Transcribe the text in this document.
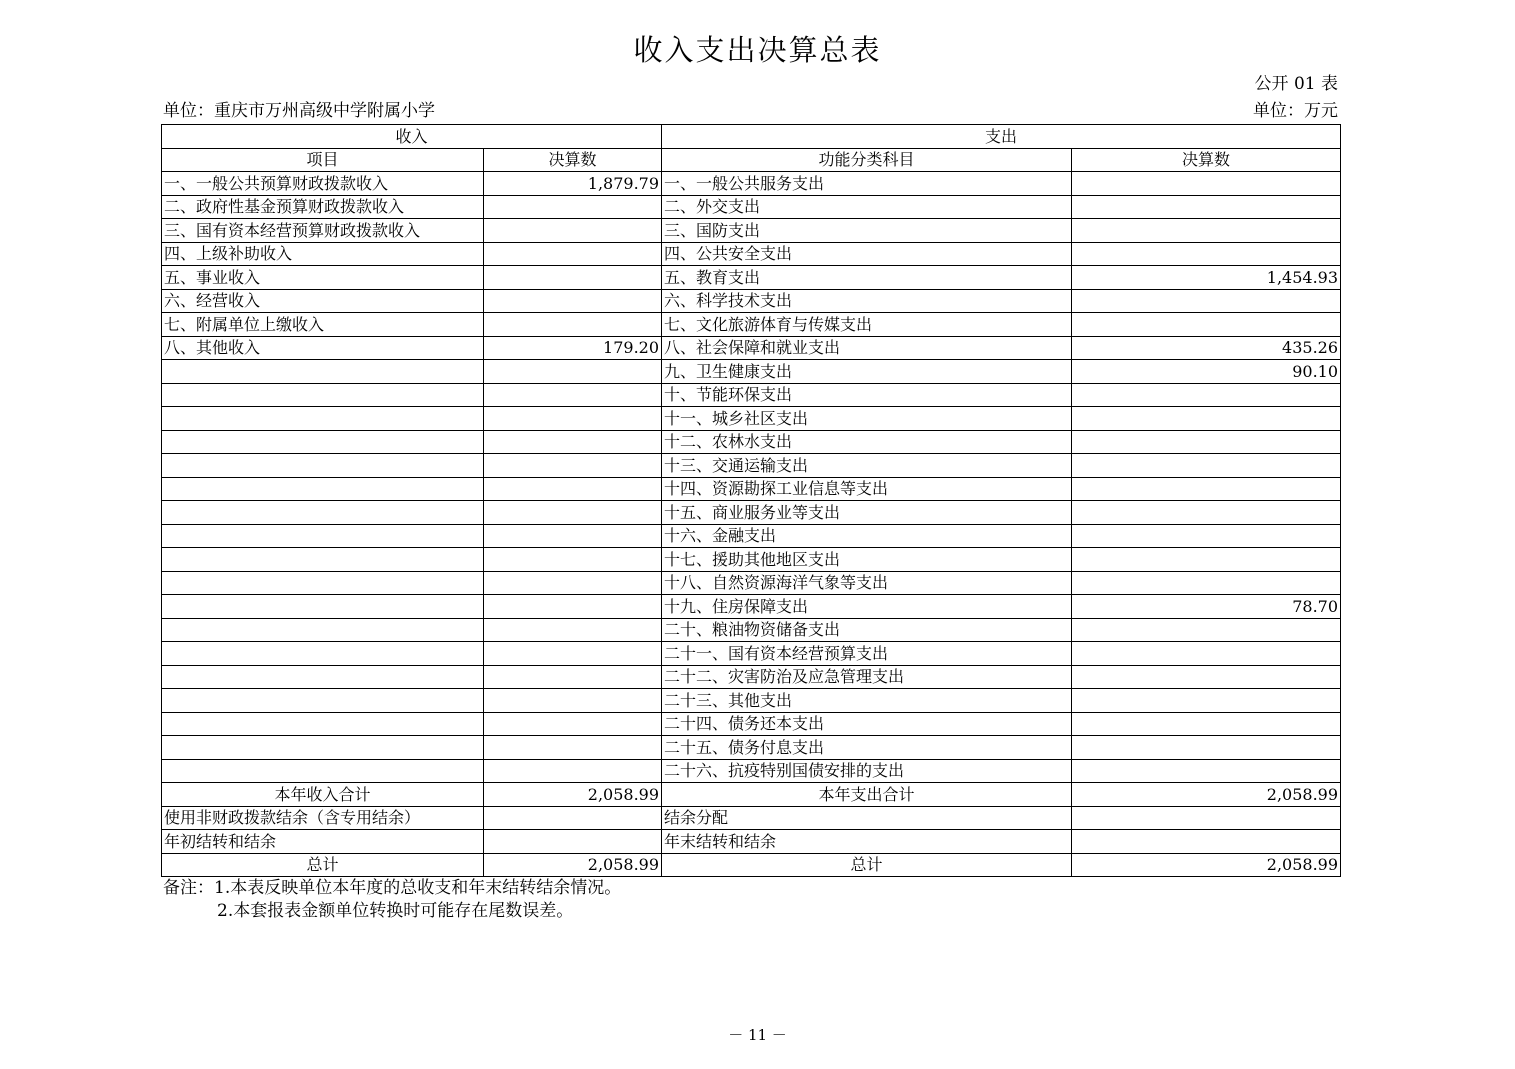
收入支出决算总表
公开 01 表
单位：重庆市万州高级中学附属小学	单位：万元
收入		支出	
项目	决算数	功能分类科目	决算数
一、一般公共预算财政拨款收入	1,879.79	一、一般公共服务支出	
二、政府性基金预算财政拨款收入		二、外交支出	
三、国有资本经营预算财政拨款收入		三、国防支出	
四、上级补助收入		四、公共安全支出	
五、事业收入		五、教育支出	1,454.93
六、经营收入		六、科学技术支出	
七、附属单位上缴收入		七、文化旅游体育与传媒支出	
八、其他收入	179.20	八、社会保障和就业支出	435.26
		九、卫生健康支出	90.10
		十、节能环保支出	
		十一、城乡社区支出	
		十二、农林水支出	
		十三、交通运输支出	
		十四、资源勘探工业信息等支出	
		十五、商业服务业等支出	
		十六、金融支出	
		十七、援助其他地区支出	
		十八、自然资源海洋气象等支出	
		十九、住房保障支出	78.70
		二十、粮油物资储备支出	
		二十一、国有资本经营预算支出	
		二十二、灾害防治及应急管理支出	
		二十三、其他支出	
		二十四、债务还本支出	
		二十五、债务付息支出	
		二十六、抗疫特别国债安排的支出	
本年收入合计	2,058.99	本年支出合计	2,058.99
使用非财政拨款结余（含专用结余）		结余分配	
年初结转和结余		年末结转和结余	
总计	2,058.99	总计	2,058.99
备注：1.本表反映单位本年度的总收支和年末结转结余情况。
2.本套报表金额单位转换时可能存在尾数误差。
－ 11 －
